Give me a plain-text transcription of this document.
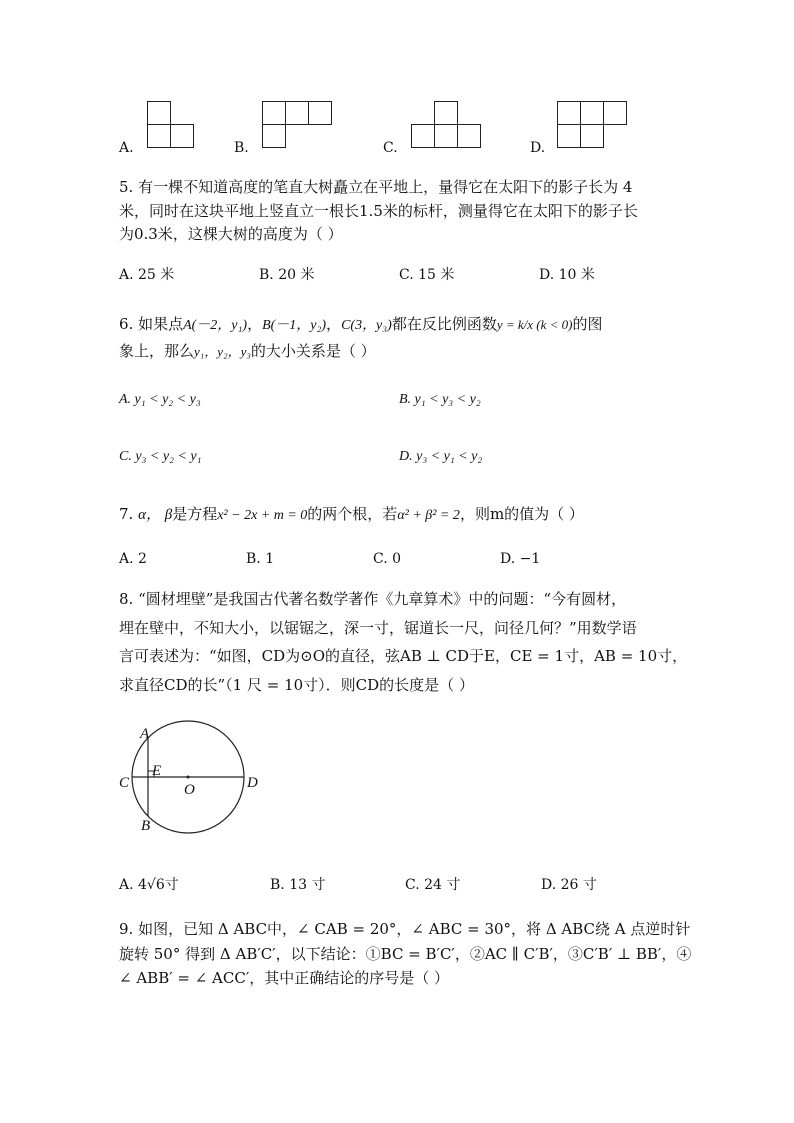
A.	B.	C.	D.
5. 有一棵不知道高度的笔直大树矗立在平地上，量得它在太阳下的影子长为 4
米，同时在这块平地上竖直立一根长1.5米的标杆，测量得它在太阳下的影子长
为0.3米，这棵大树的高度为（ ）
A. 25 米	B. 20 米	C. 15 米	D. 10 米
6. 如果点A(－2，y₁)，B(－1，y₂)，C(3，y₃)都在反比例函数y = k/x (k < 0)的图
象上，那么y₁，y₂，y₃的大小关系是（ ）
A. y₁ < y₂ < y₃	B. y₁ < y₃ < y₂
C. y₃ < y₂ < y₁	D. y₃ < y₁ < y₂
7. α， β是方程x² − 2x + m = 0的两个根，若α² + β² = 2，则m的值为（ ）
A. 2	B. 1	C. 0	D. −1
8. “圆材埋壁”是我国古代著名数学著作《九章算术》中的问题：“今有圆材，
埋在壁中，不知大小，以锯锯之，深一寸，锯道长一尺，问径几何？”用数学语
言可表述为：“如图，CD为⊙O的直径，弦AB ⊥ CD于E，CE = 1寸，AB = 10寸，
求直径CD的长”（1 尺 = 10寸）．则CD的长度是（ ）
A
B
C	D
E
O
A. 4√6寸	B. 13 寸	C. 24 寸	D. 26 寸
9. 如图，已知 Δ ABC中，∠ CAB = 20°，∠ ABC = 30°，将 Δ ABC绕 A 点逆时针
旋转 50° 得到 Δ AB′C′，以下结论：①BC = B′C′，②AC ∥ C′B′，③C′B′ ⊥ BB′，④
∠ ABB′ = ∠ ACC′，其中正确结论的序号是（ ）
